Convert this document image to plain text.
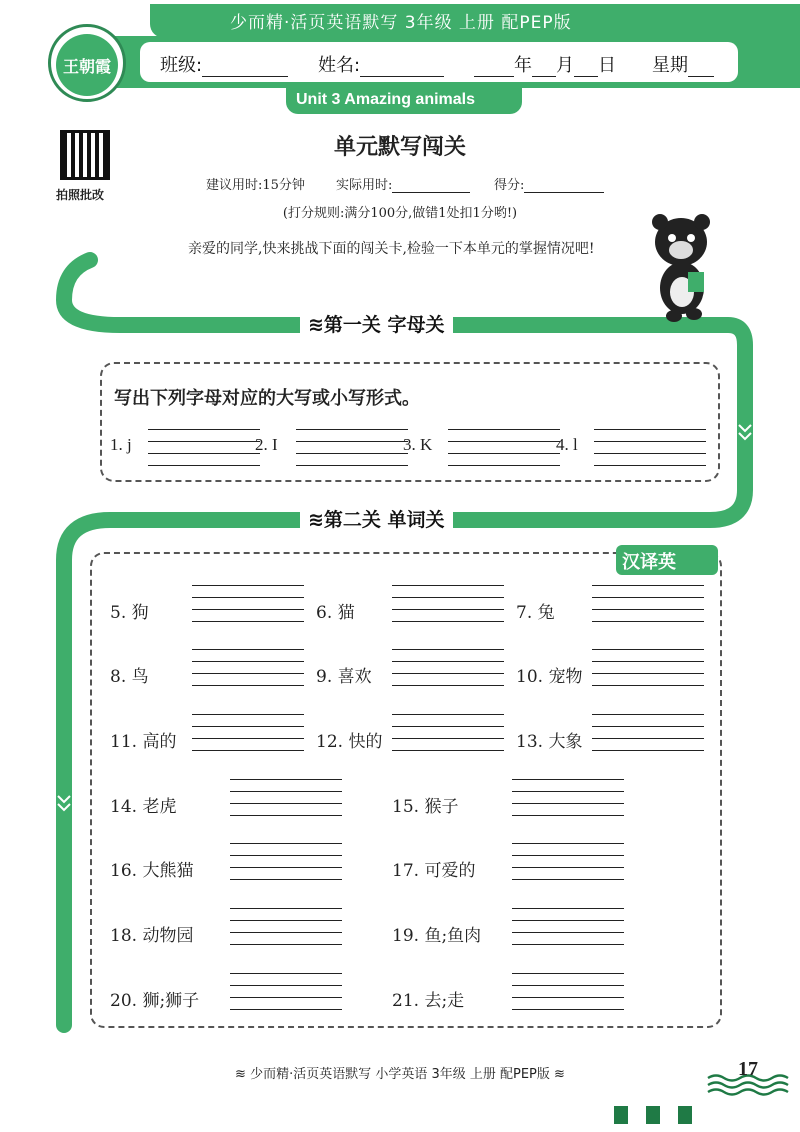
少而精·活页英语默写 3年级 上册 配PEP版
班级:	姓名:	年 月 日 星期
Unit 3 Amazing animals
王朝霞
拍照批改
单元默写闯关
建议用时:15分钟 实际用时:	得分:
(打分规则:满分100分,做错1处扣1分哟!)
亲爱的同学,快来挑战下面的闯关卡,检验一下本单元的掌握情况吧!
≋第一关 字母关
写出下列字母对应的大写或小写形式。
1. j	2. I	3. K	4. l
≋第二关 单词关
汉译英
5. 狗	6. 猫	7. 兔
8. 鸟	9. 喜欢	10. 宠物
11. 高的	12. 快的	13. 大象
14. 老虎	15. 猴子
16. 大熊猫	17. 可爱的
18. 动物园	19. 鱼;鱼肉
20. 狮;狮子	21. 去;走
≋ 少而精·活页英语默写 小学英语 3年级 上册 配PEP版 ≋	17
